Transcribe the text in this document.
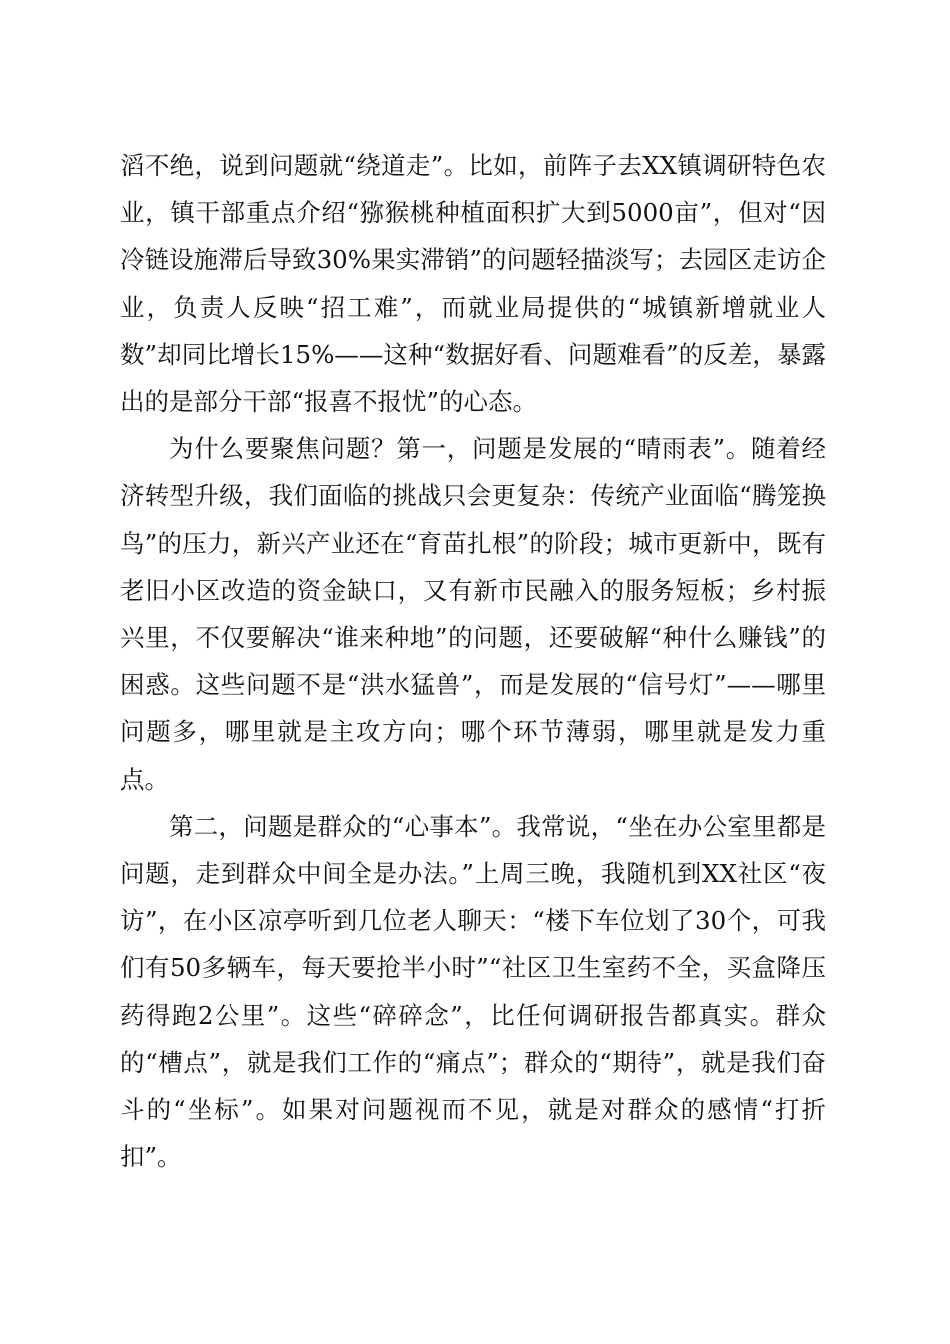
滔不绝，说到问题就“绕道走”。比如，前阵子去XX镇调研特色农业，镇干部重点介绍“猕猴桃种植面积扩大到5000亩”，但对“因冷链设施滞后导致30%果实滞销”的问题轻描淡写；去园区走访企业，负责人反映“招工难”，而就业局提供的“城镇新增就业人数”却同比增长15%——这种“数据好看、问题难看”的反差，暴露出的是部分干部“报喜不报忧”的心态。

为什么要聚焦问题？第一，问题是发展的“晴雨表”。随着经济转型升级，我们面临的挑战只会更复杂：传统产业面临“腾笼换鸟”的压力，新兴产业还在“育苗扎根”的阶段；城市更新中，既有老旧小区改造的资金缺口，又有新市民融入的服务短板；乡村振兴里，不仅要解决“谁来种地”的问题，还要破解“种什么赚钱”的困惑。这些问题不是“洪水猛兽”，而是发展的“信号灯”——哪里问题多，哪里就是主攻方向；哪个环节薄弱，哪里就是发力重点。

第二，问题是群众的“心事本”。我常说，“坐在办公室里都是问题，走到群众中间全是办法。”上周三晚，我随机到XX社区“夜访”，在小区凉亭听到几位老人聊天：“楼下车位划了30个，可我们有50多辆车，每天要抢半小时”“社区卫生室药不全，买盒降压药得跑2公里”。这些“碎碎念”，比任何调研报告都真实。群众的“槽点”，就是我们工作的“痛点”；群众的“期待”，就是我们奋斗的“坐标”。如果对问题视而不见，就是对群众的感情“打折扣”。
